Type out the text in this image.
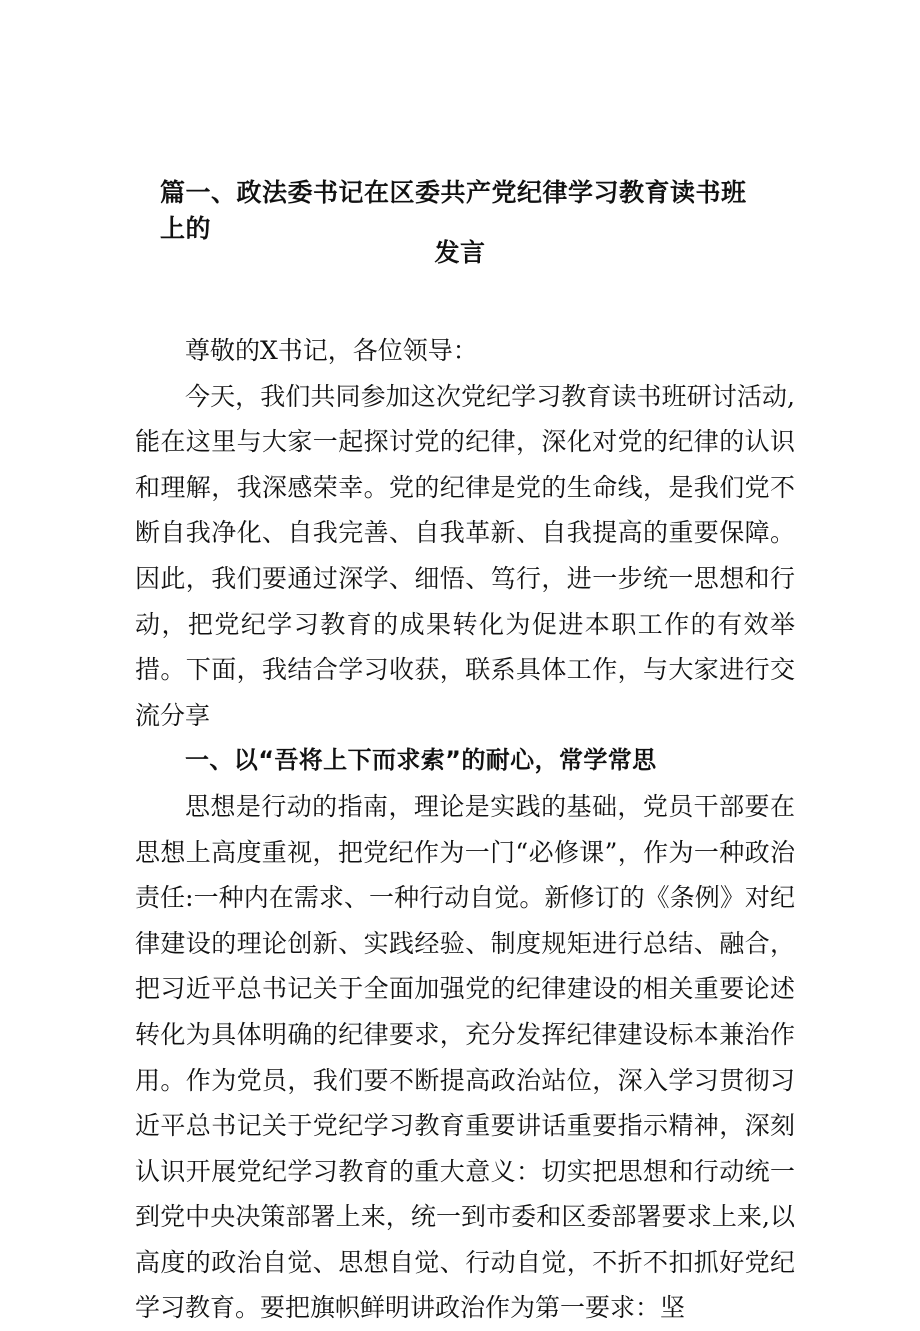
篇一、政法委书记在区委共产党纪律学习教育读书班上的
发言

尊敬的X书记，各位领导：

今天，我们共同参加这次党纪学习教育读书班研讨活动,能在这里与大家一起探讨党的纪律，深化对党的纪律的认识和理解，我深感荣幸。党的纪律是党的生命线，是我们党不断自我净化、自我完善、自我革新、自我提高的重要保障。因此，我们要通过深学、细悟、笃行，进一步统一思想和行动，把党纪学习教育的成果转化为促进本职工作的有效举措。下面，我结合学习收获，联系具体工作，与大家进行交流分享

一、以“吾将上下而求索”的耐心，常学常思

思想是行动的指南，理论是实践的基础，党员干部要在思想上高度重视，把党纪作为一门“必修课”，作为一种政治责任:一种内在需求、一种行动自觉。新修订的《条例》对纪律建设的理论创新、实践经验、制度规矩进行总结、融合，把习近平总书记关于全面加强党的纪律建设的相关重要论述转化为具体明确的纪律要求，充分发挥纪律建设标本兼治作用。作为党员，我们要不断提高政治站位，深入学习贯彻习近平总书记关于党纪学习教育重要讲话重要指示精神，深刻认识开展党纪学习教育的重大意义：切实把思想和行动统一到党中央决策部署上来，统一到市委和区委部署要求上来,以高度的政治自觉、思想自觉、行动自觉，不折不扣抓好党纪学习教育。要把旗帜鲜明讲政治作为第一要求：坚
